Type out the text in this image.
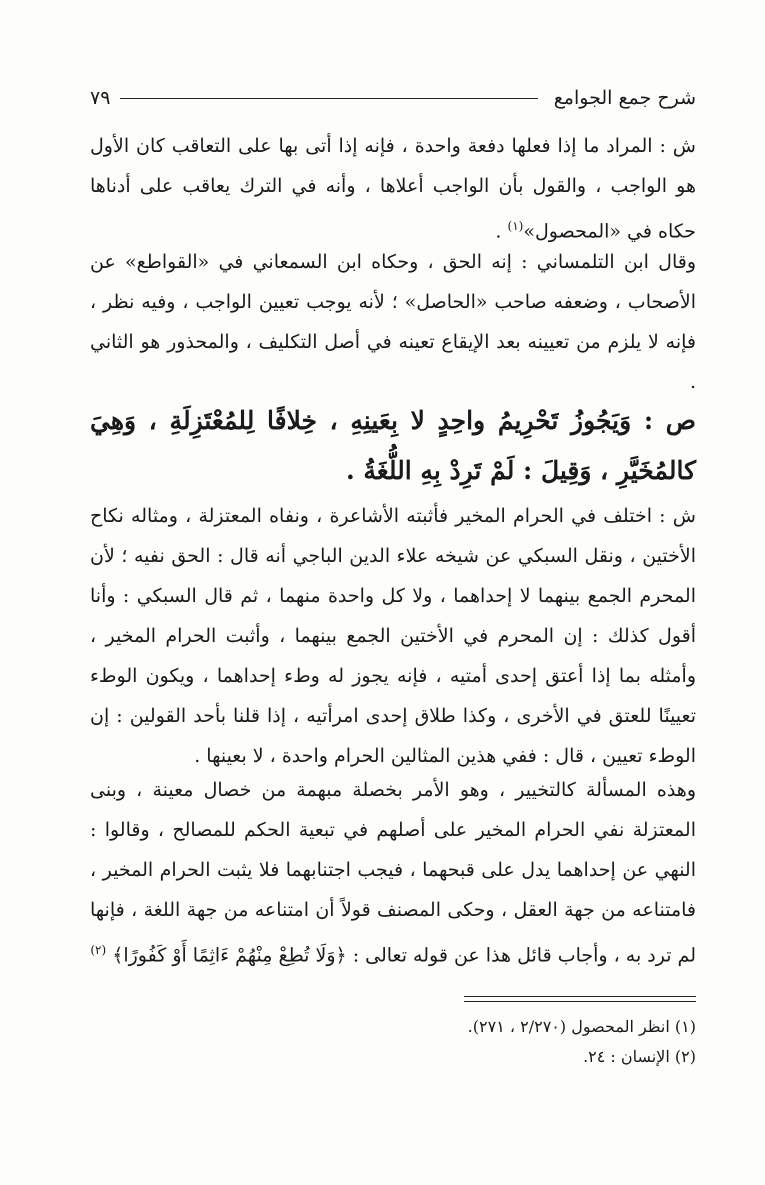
شرح جمع الجوامع
٧٩

ش : المراد ما إذا فعلها دفعة واحدة ، فإنه إذا أتى بها على التعاقب كان الأول هو الواجب ، والقول بأن الواجب أعلاها ، وأنه في الترك يعاقب على أدناها حكاه في «المحصول»$^{(١)}$ .

وقال ابن التلمساني : إنه الحق ، وحكاه ابن السمعاني في «القواطع» عن الأصحاب ، وضعفه صاحب «الحاصل» ؛ لأنه يوجب تعيين الواجب ، وفيه نظر ، فإنه لا يلزم من تعيينه بعد الإيقاع تعينه في أصل التكليف ، والمحذور هو الثاني .

ص : وَيَجُوزُ تَحْرِيمُ واحِدٍ لا بِعَينِهِ ، خِلافًا لِلمُعْتَزِلَةِ ، وَهِيَ كالمُخَيَّرِ ، وَقِيلَ : لَمْ تَرِدْ بِهِ اللُّغَةُ .

ش : اختلف في الحرام المخير فأثبته الأشاعرة ، ونفاه المعتزلة ، ومثاله نكاح الأختين ، ونقل السبكي عن شيخه علاء الدين الباجي أنه قال : الحق نفيه ؛ لأن المحرم الجمع بينهما لا إحداهما ، ولا كل واحدة منهما ، ثم قال السبكي : وأنا أقول كذلك : إن المحرم في الأختين الجمع بينهما ، وأثبت الحرام المخير ، وأمثله بما إذا أعتق إحدى أمتيه ، فإنه يجوز له وطء إحداهما ، ويكون الوطء تعيينًا للعتق في الأخرى ، وكذا طلاق إحدى امرأتيه ، إذا قلنا بأحد القولين : إن الوطء تعيين ، قال : ففي هذين المثالين الحرام واحدة ، لا بعينها .

وهذه المسألة كالتخيير ، وهو الأمر بخصلة مبهمة من خصال معينة ، وبنى المعتزلة نفي الحرام المخير على أصلهم في تبعية الحكم للمصالح ، وقالوا : النهي عن إحداهما يدل على قبحهما ، فيجب اجتنابهما فلا يثبت الحرام المخير ، فامتناعه من جهة العقل ، وحكى المصنف قولاً أن امتناعه من جهة اللغة ، فإنها لم ترد به ، وأجاب قائل هذا عن قوله تعالى : ﴿وَلَا تُطِعْ مِنْهُمْ ءَاثِمًا أَوْ كَفُورًا﴾ $^{(٢)}$

(١) انظر المحصول (٢/٢٧٠ ، ٢٧١).

(٢) الإنسان : ٢٤.
